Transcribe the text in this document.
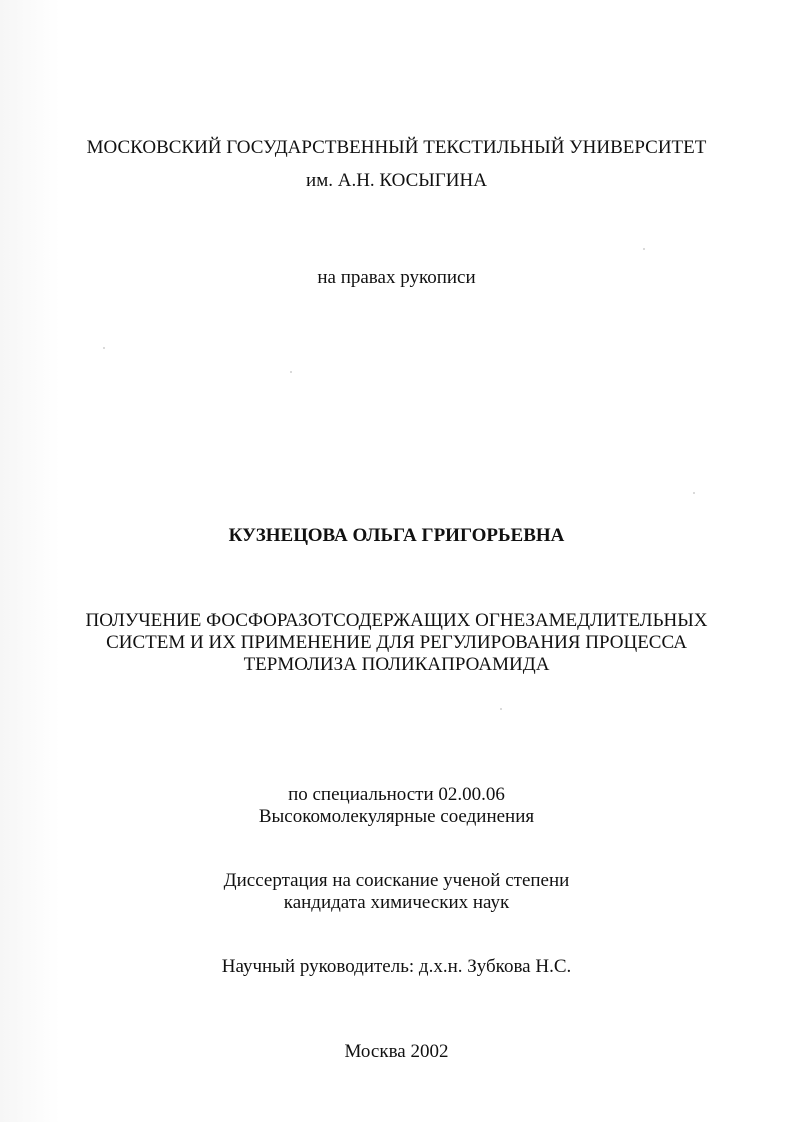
МОСКОВСКИЙ ГОСУДАРСТВЕННЫЙ ТЕКСТИЛЬНЫЙ УНИВЕРСИТЕТ
им. А.Н. КОСЫГИНА
на правах рукописи
КУЗНЕЦОВА ОЛЬГА ГРИГОРЬЕВНА
ПОЛУЧЕНИЕ ФОСФОРАЗОТСОДЕРЖАЩИХ ОГНЕЗАМЕДЛИТЕЛЬНЫХ
СИСТЕМ И ИХ ПРИМЕНЕНИЕ ДЛЯ РЕГУЛИРОВАНИЯ ПРОЦЕССА
ТЕРМОЛИЗА ПОЛИКАПРОАМИДА
по специальности 02.00.06
Высокомолекулярные соединения
Диссертация на соискание ученой степени
кандидата химических наук
Научный руководитель: д.х.н. Зубкова Н.С.
Москва 2002
